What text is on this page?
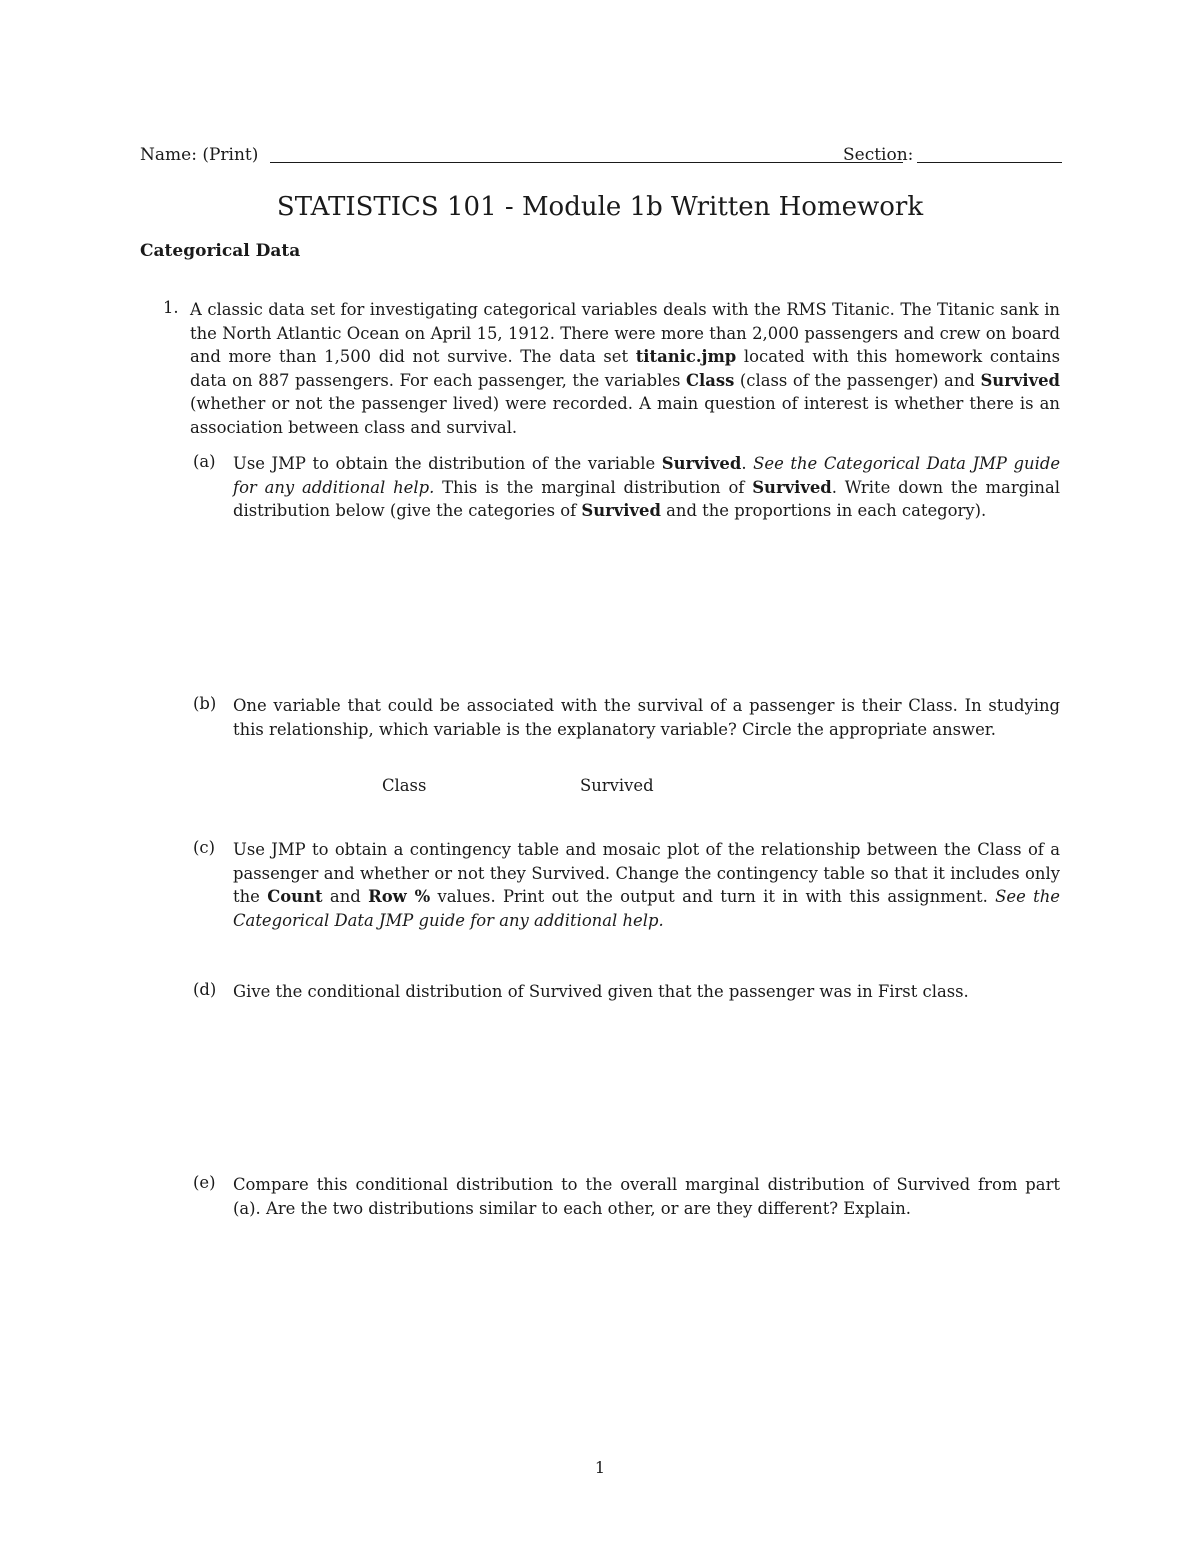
Name: (Print)	Section:
STATISTICS 101 - Module 1b Written Homework
Categorical Data
1. A classic data set for investigating categorical variables deals with the RMS Titanic. The Titanic sank in the North Atlantic Ocean on April 15, 1912. There were more than 2,000 passengers and crew on board and more than 1,500 did not survive. The data set titanic.jmp located with this homework contains data on 887 passengers. For each passenger, the variables Class (class of the passenger) and Survived (whether or not the passenger lived) were recorded. A main question of interest is whether there is an association between class and survival.
(a) Use JMP to obtain the distribution of the variable Survived. See the Categorical Data JMP guide for any additional help. This is the marginal distribution of Survived. Write down the marginal distribution below (give the categories of Survived and the proportions in each category).
(b) One variable that could be associated with the survival of a passenger is their Class. In studying this relationship, which variable is the explanatory variable? Circle the appropriate answer.
Class	Survived
(c) Use JMP to obtain a contingency table and mosaic plot of the relationship between the Class of a passenger and whether or not they Survived. Change the contingency table so that it includes only the Count and Row % values. Print out the output and turn it in with this assignment. See the Categorical Data JMP guide for any additional help.
(d) Give the conditional distribution of Survived given that the passenger was in First class.
(e) Compare this conditional distribution to the overall marginal distribution of Survived from part (a). Are the two distributions similar to each other, or are they different? Explain.
1
